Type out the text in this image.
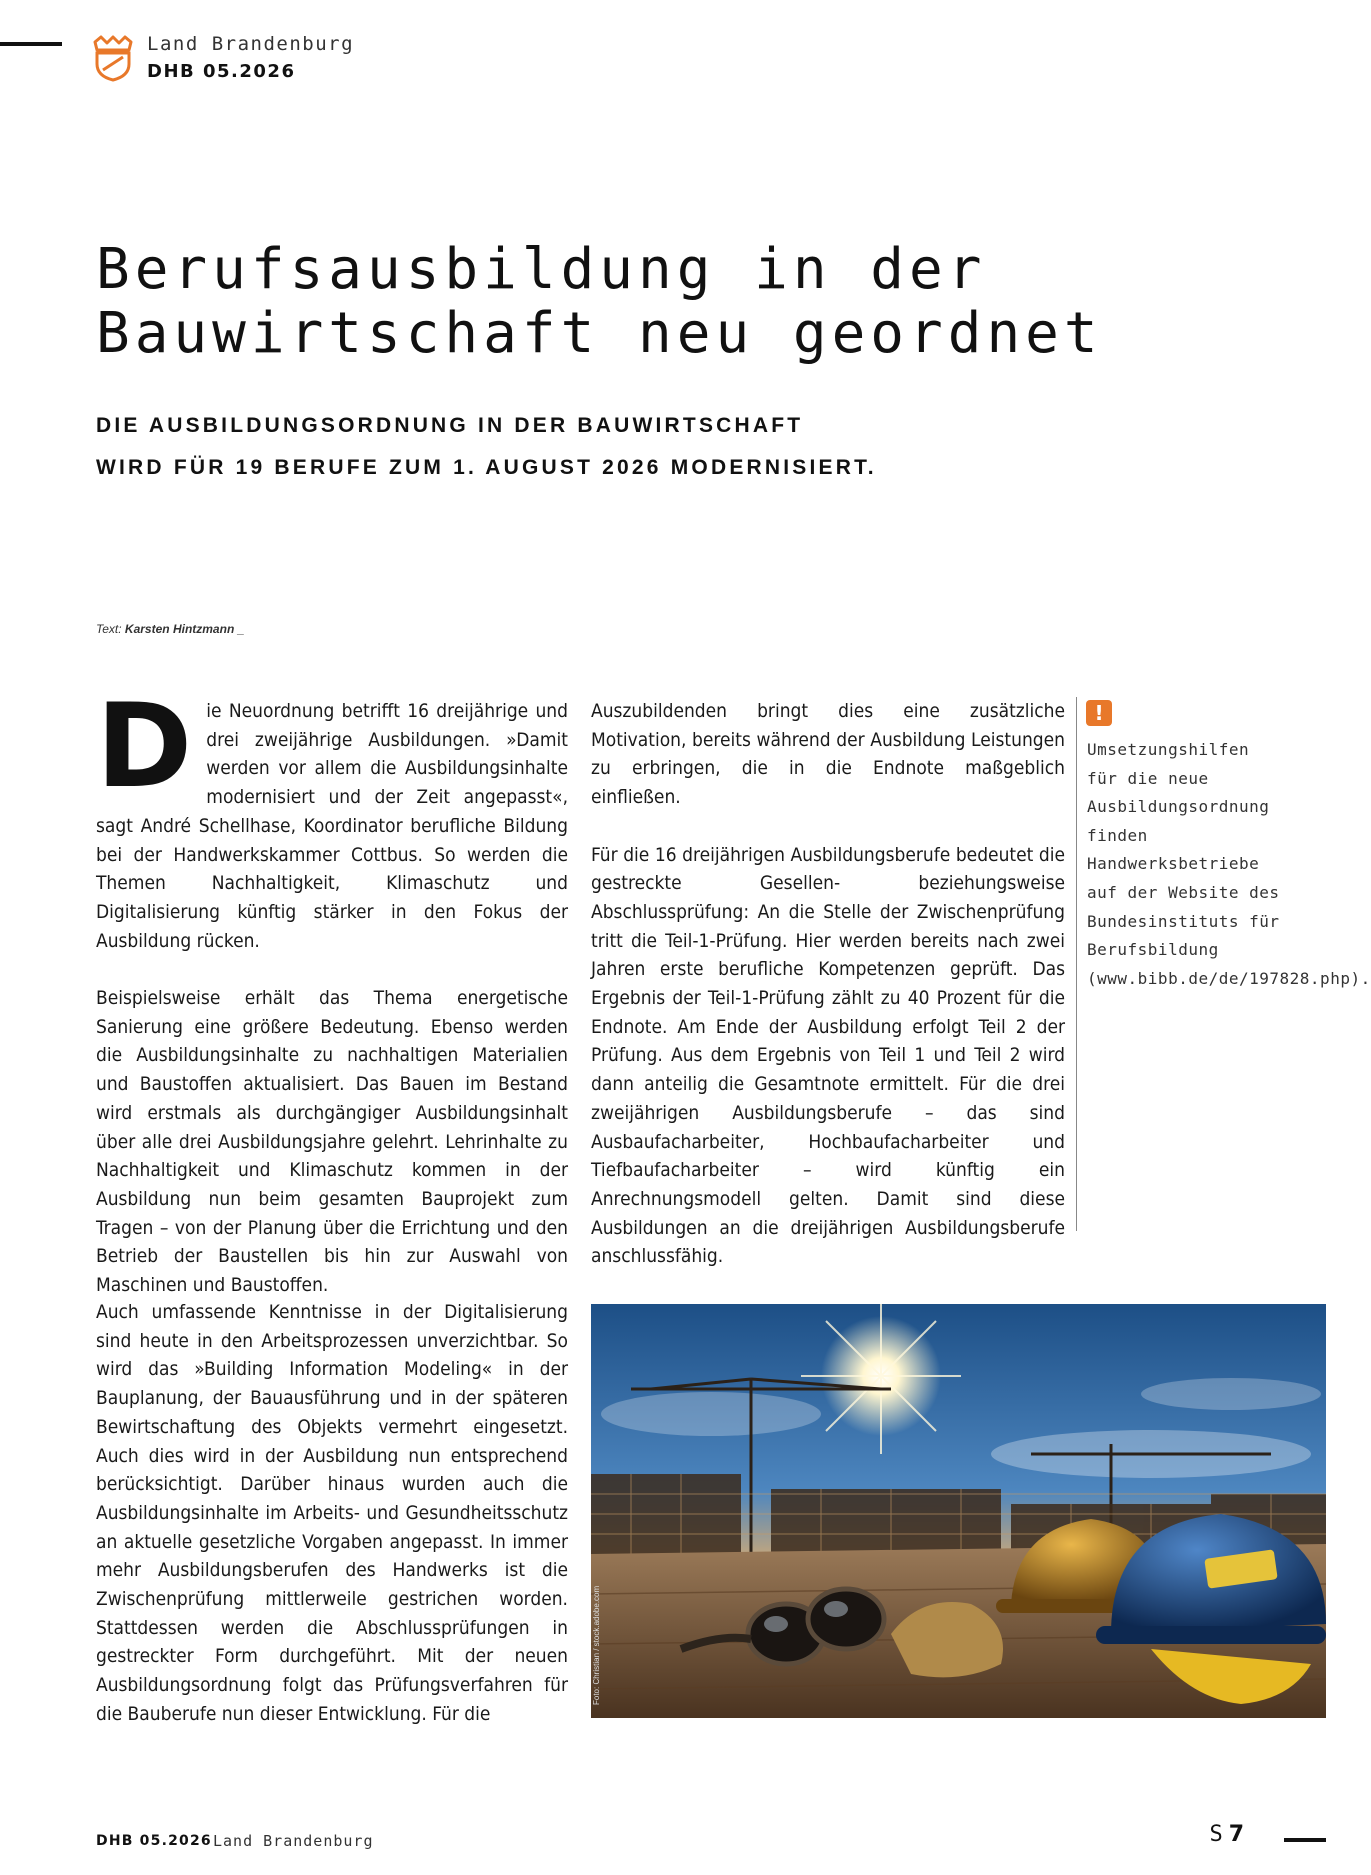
Land Brandenburg
DHB 05.2026
Berufsausbildung in der Bauwirtschaft neu geordnet
DIE AUSBILDUNGSORDNUNG IN DER BAUWIRTSCHAFT
WIRD FÜR 19 BERUFE ZUM 1. AUGUST 2026 MODERNISIERT.
Text: Karsten Hintzmann _

Die Neuordnung betrifft 16 dreijährige und drei zweijährige Ausbildungen. »Damit werden vor allem die Ausbildungsinhalte modernisiert und der Zeit angepasst«, sagt André Schellhase, Koordinator berufliche Bildung bei der Handwerkskammer Cottbus. So werden die Themen Nachhaltigkeit, Klimaschutz und Digitalisierung künftig stärker in den Fokus der Ausbildung rücken.

Beispielsweise erhält das Thema energetische Sanierung eine größere Bedeutung. Ebenso werden die Ausbildungsinhalte zu nachhaltigen Materialien und Baustoffen aktualisiert. Das Bauen im Bestand wird erstmals als durchgängiger Ausbildungsinhalt über alle drei Ausbildungsjahre gelehrt. Lehrinhalte zu Nachhaltigkeit und Klimaschutz kommen in der Ausbildung nun beim gesamten Bauprojekt zum Tragen – von der Planung über die Errichtung und den Betrieb der Baustellen bis hin zur Auswahl von Maschinen und Baustoffen.

Auch umfassende Kenntnisse in der Digitalisierung sind heute in den Arbeitsprozessen unverzichtbar. So wird das »Building Information Modeling« in der Bauplanung, der Bauausführung und in der späteren Bewirtschaftung des Objekts vermehrt eingesetzt. Auch dies wird in der Ausbildung nun entsprechend berücksichtigt. Darüber hinaus wurden auch die Ausbildungsinhalte im Arbeits- und Gesundheitsschutz an aktuelle gesetzliche Vorgaben angepasst. In immer mehr Ausbildungsberufen des Handwerks ist die Zwischenprüfung mittlerweile gestrichen worden. Stattdessen werden die Abschlussprüfungen in gestreckter Form durchgeführt. Mit der neuen Ausbildungsordnung folgt das Prüfungsverfahren für die Bauberufe nun dieser Entwicklung. Für die

Auszubildenden bringt dies eine zusätzliche Motivation, bereits während der Ausbildung Leistungen zu erbringen, die in die Endnote maßgeblich einfließen.

Für die 16 dreijährigen Ausbildungsberufe bedeutet die gestreckte Gesellen- beziehungsweise Abschlussprüfung: An die Stelle der Zwischenprüfung tritt die Teil-1-Prüfung. Hier werden bereits nach zwei Jahren erste berufliche Kompetenzen geprüft. Das Ergebnis der Teil-1-Prüfung zählt zu 40 Prozent für die Endnote. Am Ende der Ausbildung erfolgt Teil 2 der Prüfung. Aus dem Ergebnis von Teil 1 und Teil 2 wird dann anteilig die Gesamtnote ermittelt. Für die drei zweijährigen Ausbildungsberufe – das sind Ausbaufacharbeiter, Hochbaufacharbeiter und Tiefbaufacharbeiter – wird künftig ein Anrechnungsmodell gelten. Damit sind diese Ausbildungen an die dreijährigen Ausbildungsberufe anschlussfähig.

!
Umsetzungshilfen für die neue Ausbildungsordnung finden Handwerksbetriebe auf der Website des Bundesinstituts für Berufsbildung (www.bibb.de/de/197828.php).
Foto: Christian / stock.adobe.com
DHB 05.2026 Land Brandenburg	S 7
